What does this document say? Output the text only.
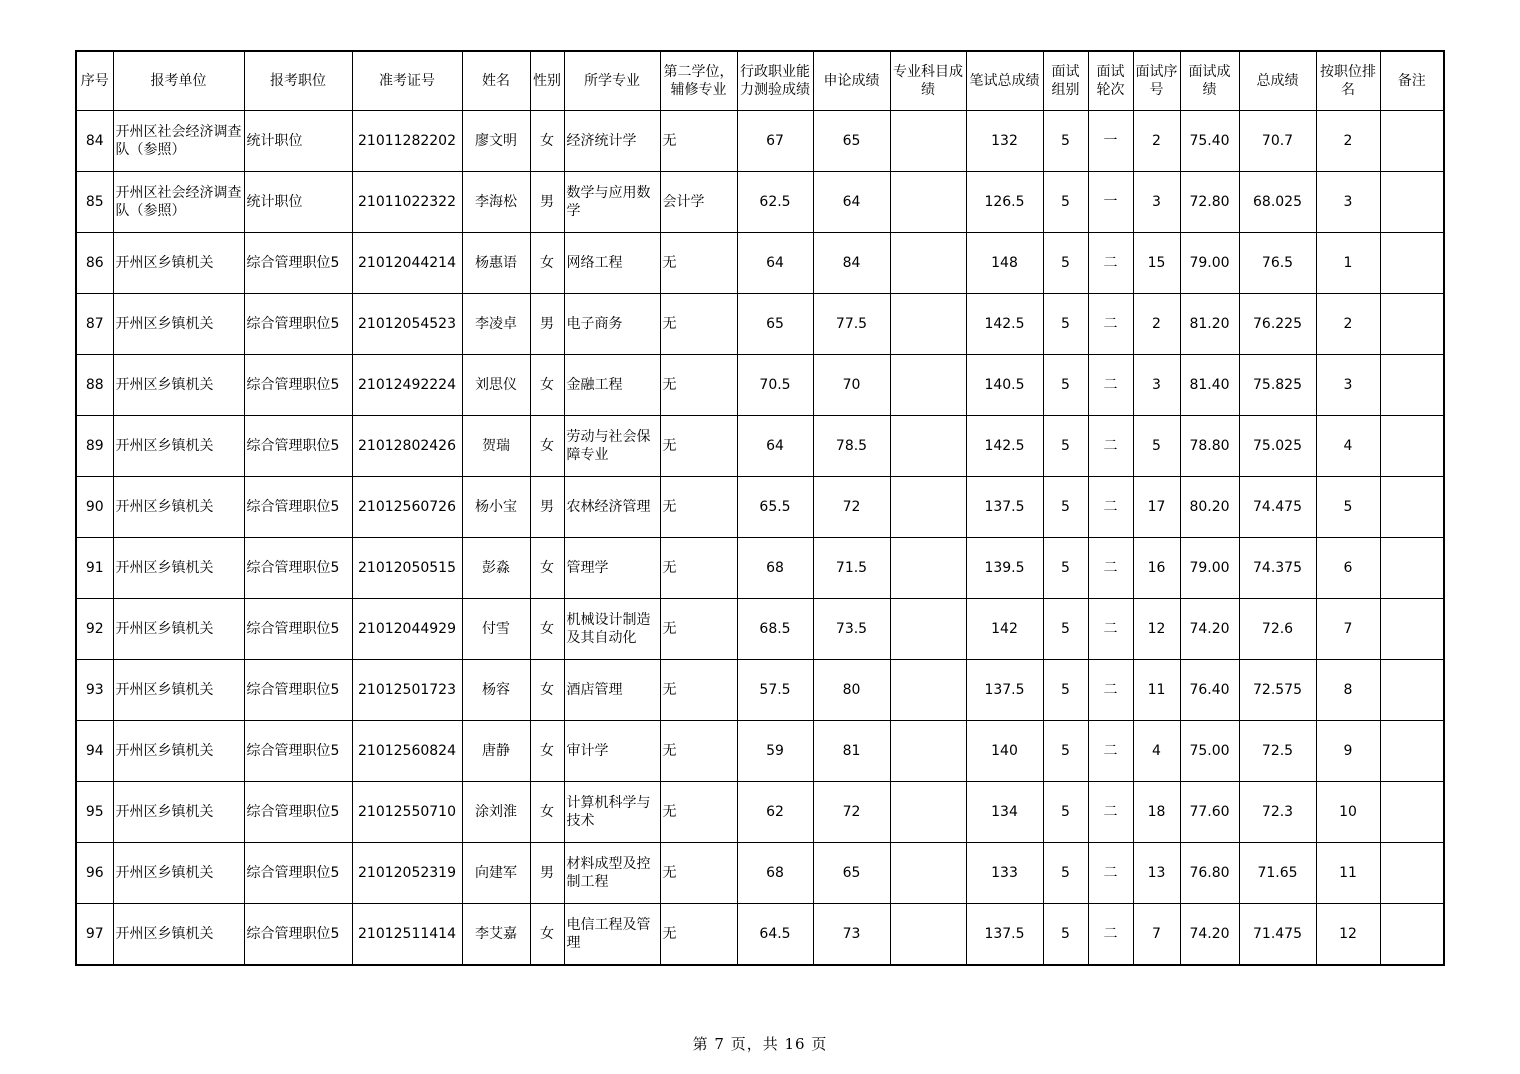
序号	报考单位	报考职位	准考证号	姓名	性别	所学专业	第二学位，辅修专业	行政职业能力测验成绩	申论成绩	专业科目成绩	笔试总成绩	面试组别	面试轮次	面试序号	面试成绩	总成绩	按职位排名	备注
84	开州区社会经济调查队（参照）	统计职位	21011282202	廖文明	女	经济统计学	无	67	65		132	5	一	2	75.40	70.7	2	
85	开州区社会经济调查队（参照）	统计职位	21011022322	李海松	男	数学与应用数学	会计学	62.5	64		126.5	5	一	3	72.80	68.025	3	
86	开州区乡镇机关	综合管理职位5	21012044214	杨惠语	女	网络工程	无	64	84		148	5	二	15	79.00	76.5	1	
87	开州区乡镇机关	综合管理职位5	21012054523	李凌卓	男	电子商务	无	65	77.5		142.5	5	二	2	81.20	76.225	2	
88	开州区乡镇机关	综合管理职位5	21012492224	刘思仪	女	金融工程	无	70.5	70		140.5	5	二	3	81.40	75.825	3	
89	开州区乡镇机关	综合管理职位5	21012802426	贺瑞	女	劳动与社会保障专业	无	64	78.5		142.5	5	二	5	78.80	75.025	4	
90	开州区乡镇机关	综合管理职位5	21012560726	杨小宝	男	农林经济管理	无	65.5	72		137.5	5	二	17	80.20	74.475	5	
91	开州区乡镇机关	综合管理职位5	21012050515	彭淼	女	管理学	无	68	71.5		139.5	5	二	16	79.00	74.375	6	
92	开州区乡镇机关	综合管理职位5	21012044929	付雪	女	机械设计制造及其自动化	无	68.5	73.5		142	5	二	12	74.20	72.6	7	
93	开州区乡镇机关	综合管理职位5	21012501723	杨容	女	酒店管理	无	57.5	80		137.5	5	二	11	76.40	72.575	8	
94	开州区乡镇机关	综合管理职位5	21012560824	唐静	女	审计学	无	59	81		140	5	二	4	75.00	72.5	9	
95	开州区乡镇机关	综合管理职位5	21012550710	涂刘淮	女	计算机科学与技术	无	62	72		134	5	二	18	77.60	72.3	10	
96	开州区乡镇机关	综合管理职位5	21012052319	向建军	男	材料成型及控制工程	无	68	65		133	5	二	13	76.80	71.65	11	
97	开州区乡镇机关	综合管理职位5	21012511414	李艾嘉	女	电信工程及管理	无	64.5	73		137.5	5	二	7	74.20	71.475	12	
第 7 页，共 16 页
